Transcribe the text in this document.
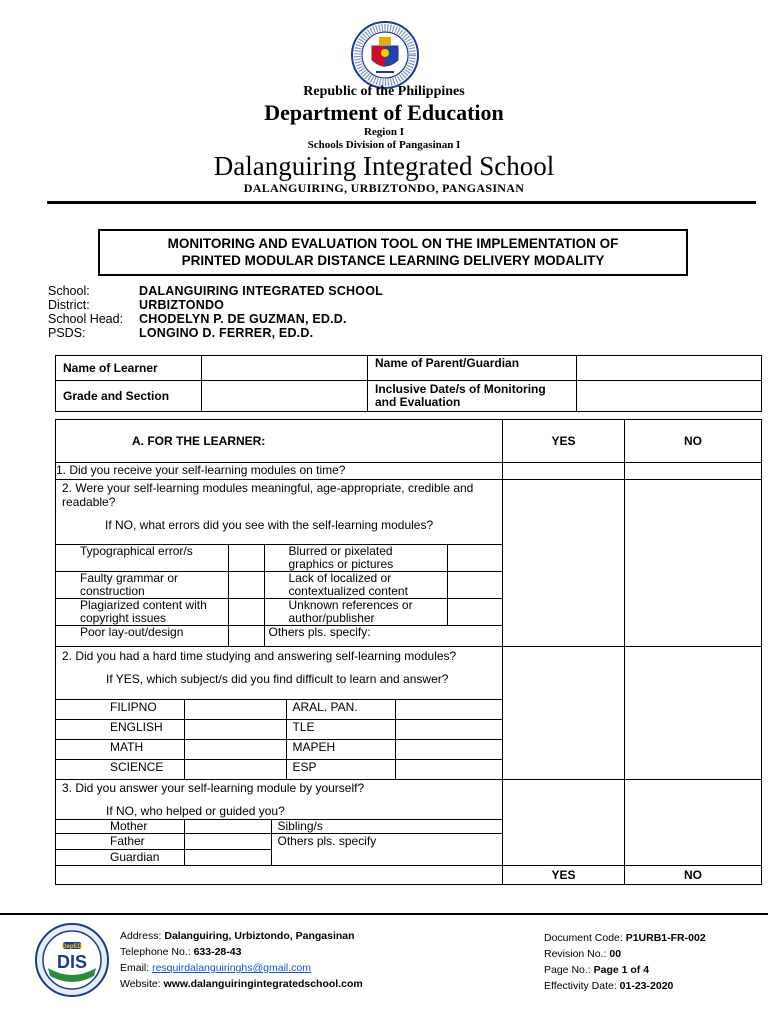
Republic of the Philippines
Department of Education
Region I
Schools Division of Pangasinan I
Dalanguiring Integrated School
DALANGUIRING, URBIZTONDO, PANGASINAN
MONITORING AND EVALUATION TOOL ON THE IMPLEMENTATION OF
PRINTED MODULAR DISTANCE LEARNING DELIVERY MODALITY
School:	DALANGUIRING INTEGRATED SCHOOL
District:	URBIZTONDO
School Head: CHODELYN P. DE GUZMAN, ED.D.
PSDS:	LONGINO D. FERRER, ED.D.
Name of Learner		Name of Parent/Guardian	
Grade and Section		Inclusive Date/s of Monitoring and Evaluation	
A. FOR THE LEARNER:	YES	NO
1. Did you receive your self-learning modules on time?		

2. Were your self-learning modules meaningful, age-appropriate, credible and readable?
If NO, what errors did you see with the self-learning modules?
Typographical error/s		Blurred or pixelated graphics or pictures	
Faulty grammar or construction		Lack of localized or contextualized content	
Plagiarized content with copyright issues		Unknown references or author/publisher	
Poor lay-out/design		Others pls. specify:

2. Did you had a hard time studying and answering self-learning modules?
If YES, which subject/s did you find difficult to learn and answer?
FILIPNO		ARAL. PAN.	
ENGLISH		TLE	
MATH		MAPEH	
SCIENCE		ESP	

3. Did you answer your self-learning module by yourself?
If NO, who helped or guided you?
Mother		Sibling/s
Father		Others pls. specify
Guardian	

	YES	NO
DepED
DIS
Address: Dalanguiring, Urbiztondo, Pangasinan
Telephone No.: 633-28-43
Email: resquirdalanguiringhs@gmail.com
Website: www.dalanguiringintegratedschool.com
Document Code: P1URB1-FR-002
Revision No.: 00
Page No.: Page 1 of 4
Effectivity Date: 01-23-2020
